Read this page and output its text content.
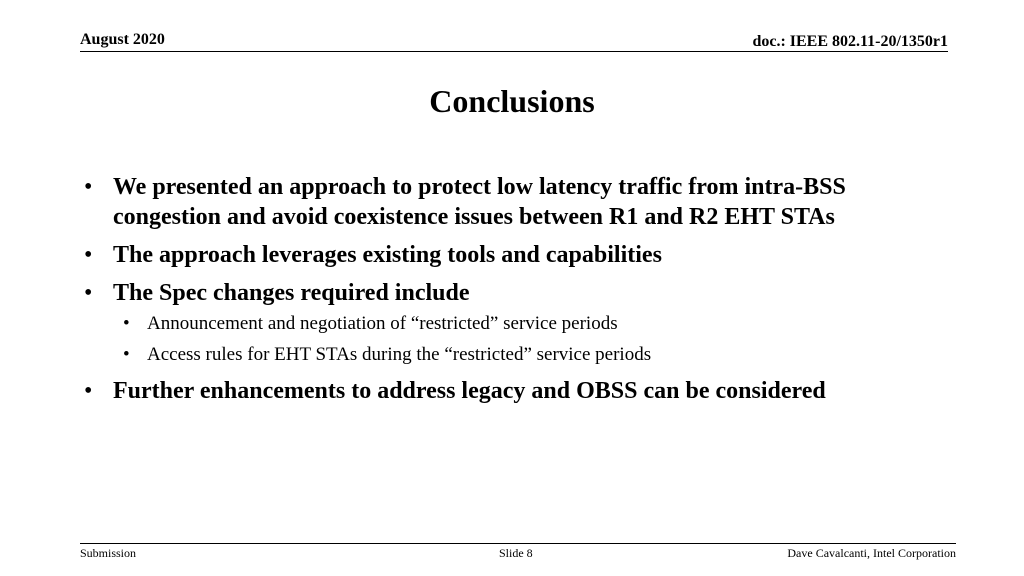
August 2020	doc.: IEEE 802.11-20/1350r1
Conclusions
• We presented an approach to protect low latency traffic from intra-BSS congestion and avoid coexistence issues between R1 and R2 EHT STAs
• The approach leverages existing tools and capabilities
• The Spec changes required include
• Announcement and negotiation of “restricted” service periods
• Access rules for EHT STAs during the “restricted” service periods
• Further enhancements to address legacy and OBSS can be considered
Submission	Slide 8	Dave Cavalcanti, Intel Corporation
